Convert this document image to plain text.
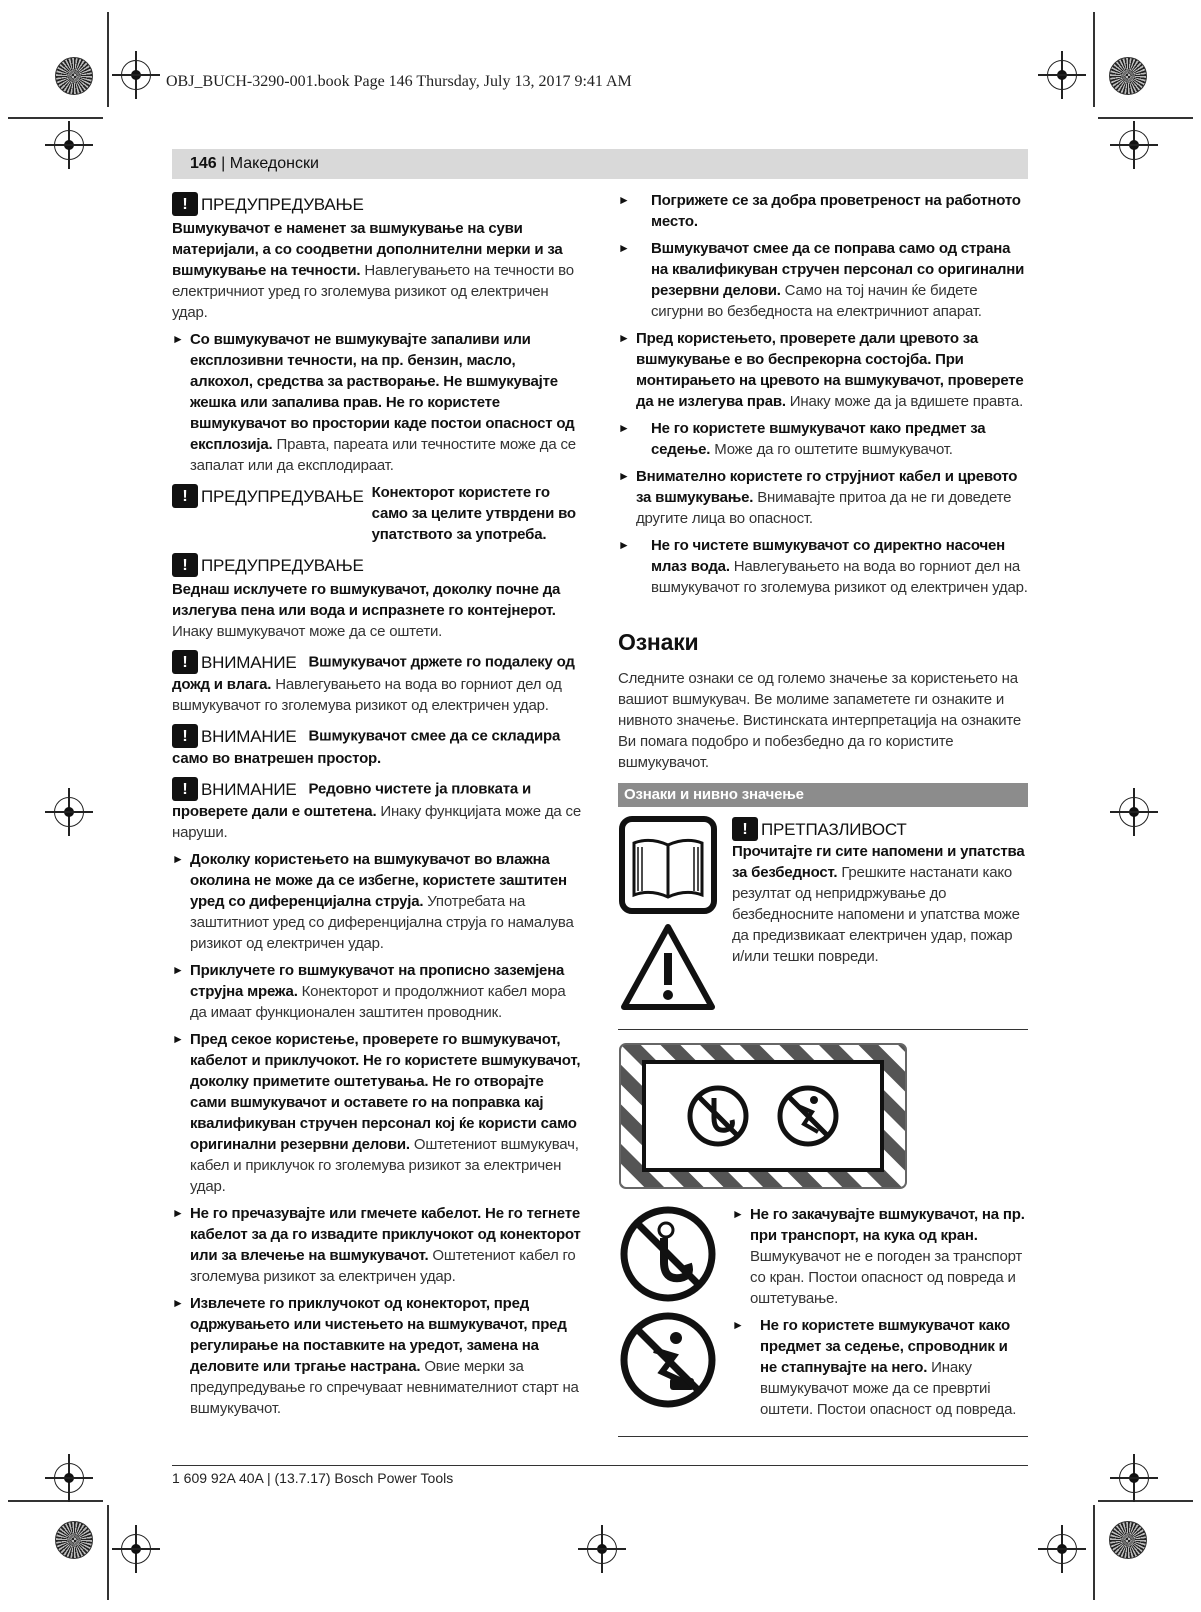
OBJ_BUCH-3290-001.book Page 146 Thursday, July 13, 2017 9:41 AM
146 | Македонски
! ПРЕДУПРЕДУВАЊЕ
Вшмукувачот е наменет за вшмукување на суви материјали, а со соодветни дополнителни мерки и за вшмукување на течности. Навлегувањето на течности во електричниот уред го зголемува ризикот од електричен удар.

► Со вшмукувачот не вшмукувајте запаливи или експлозивни течности, на пр. бензин, масло, алкохол, средства за растворање. Не вшмукувајте жешка или запалива прав. Не го користете вшмукувачот во простории каде постои опасност од експлозија. Правта, пареата или течностите може да се запалат или да експлодираат.

! ПРЕДУПРЕДУВАЊЕ Конекторот користете го само за целите утврдени во упатството за употреба.
! ПРЕДУПРЕДУВАЊЕ
Веднаш исклучете го вшмукувачот, доколку почне да излегува пена или вода и испразнете го контејнерот. Инаку вшмукувачот може да се оштети.
! ВНИМАНИЕ Вшмукувачот држете го подалеку од дожд и влага. Навлегувањето на вода во горниот дел од вшмукувачот го зголемува ризикот од електричен удар.
! ВНИМАНИЕ Вшмукувачот смее да се складира само во внатрешен простор.
! ВНИМАНИЕ Редовно чистете ја пловката и проверете дали е оштетена. Инаку функцијата може да се наруши.

► Доколку користењето на вшмукувачот во влажна околина не може да се избегне, користете заштитен уред со диференцијална струја. Употребата на заштитниот уред со диференцијална струја го намалува ризикот од електричен удар.

► Приклучете го вшмукувачот на прописно заземјена струјна мрежа. Конекторот и продолжниот кабел мора да имаат функционален заштитен проводник.

► Пред секое користење, проверете го вшмукувачот, кабелот и приклучокот. Не го користете вшмукувачот, доколку приметите оштетувања. Не го отворајте сами вшмукувачот и оставете го на поправка кај квалификуван стручен персонал кој ќе користи само оригинални резервни делови. Оштетениот вшмукувач, кабел и приклучок го зголемува ризикот за електричен удар.

► Не го пречазувајте или гмечете кабелот. Не го тегнете кабелот за да го извадите приклучокот од конекторот или за влечење на вшмукувачот. Оштетениот кабел го зголемува ризикот за електричен удар.

► Извлечете го приклучокот од конекторот, пред одржувањето или чистењето на вшмукувачот, пред регулирање на поставките на уредот, замена на деловите или тргање настрана. Овие мерки за предупредување го спречуваат невнимателниот старт на вшмукувачот.

► Погрижете се за добра проветреност на работното место.

► Вшмукувачот смее да се поправа само од страна на квалификуван стручен персонал со оригинални резервни делови. Само на тој начин ќе бидете сигурни во безбедноста на електричниот апарат.

► Пред користењето, проверете дали цревото за вшмукување е во беспрекорна состојба. При монтирањето на цревото на вшмукувачот, проверете да не излегува прав. Инаку може да ја вдишете правта.

► Не го користете вшмукувачот како предмет за седење. Може да го оштетите вшмукувачот.

► Внимателно користете го струјниот кабел и цревото за вшмукување. Внимавајте притоа да не ги доведете другите лица во опасност.

► Не го чистете вшмукувачот со директно насочен млаз вода. Навлегувањето на вода во горниот дел на вшмукувачот го зголемува ризикот од електричен удар.

Ознаки

Следните ознаки се од големо значење за користењето на вашиот вшмукувач. Ве молиме запаметете ги ознаките и нивното значење. Вистинската интерпретација на ознаките Ви помага подобро и побезбедно да го користите вшмукувачот.

Ознаки и нивно значење

! ПРЕТПАЗЛИВОСТ
Прочитајте ги сите напомени и упатства за безбедност. Грешките настанати како резултат од непридржување до безбедносните напомени и упатства може да предизвикаат електричен удар, пожар и/или тешки повреди.

► Не го закачувајте вшмукувачот, на пр. при транспорт, на кука од кран. Вшмукувачот не е погоден за транспорт со кран. Постои опасност од повреда и оштетување.

► Не го користете вшмукувачот како предмет за седење, спроводник и не стапнувајте на него. Инаку вшмукувачот може да се превртиi оштети. Постои опасност од повреда.

1 609 92A 40A | (13.7.17) Bosch Power Tools
